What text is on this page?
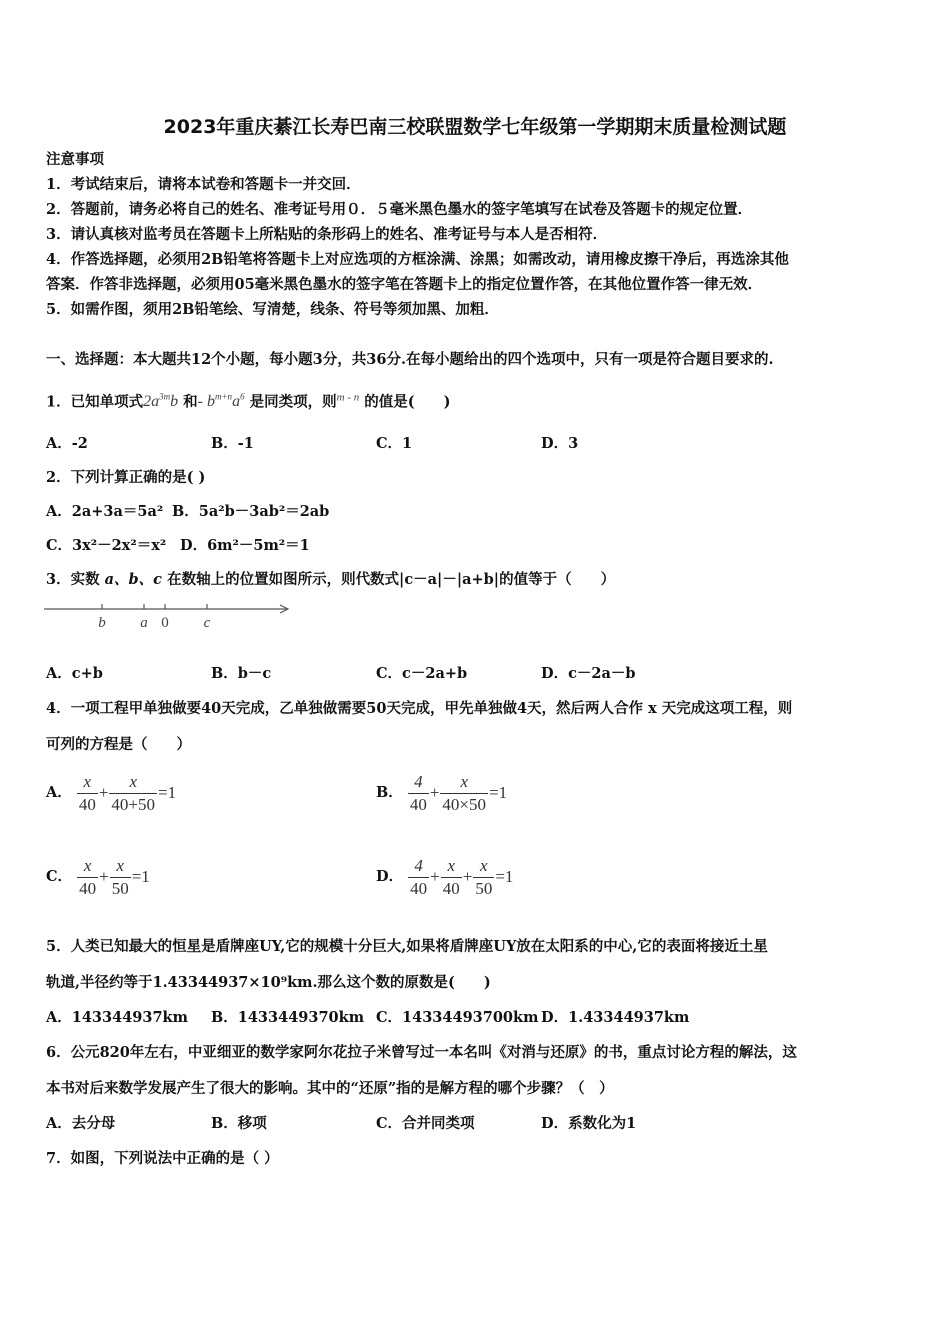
2023年重庆綦江长寿巴南三校联盟数学七年级第一学期期末质量检测试题
注意事项
1．考试结束后，请将本试卷和答题卡一并交回．
2．答题前，请务必将自己的姓名、准考证号用０．５毫米黑色墨水的签字笔填写在试卷及答题卡的规定位置．
3．请认真核对监考员在答题卡上所粘贴的条形码上的姓名、准考证号与本人是否相符．
4．作答选择题，必须用2B铅笔将答题卡上对应选项的方框涂满、涂黑；如需改动，请用橡皮擦干净后，再选涂其他
答案．作答非选择题，必须用05毫米黑色墨水的签字笔在答题卡上的指定位置作答，在其他位置作答一律无效．
5．如需作图，须用2B铅笔绘、写清楚，线条、符号等须加黑、加粗．
一、选择题：本大题共12个小题，每小题3分，共36分.在每小题给出的四个选项中，只有一项是符合题目要求的.
1．已知单项式$2a^{3m}b$ 和- $b^{m+n}a^6$ 是同类项，则$^{m - n}$ 的值是(　　)
A．-2	B．-1	C．1	D．3
2．下列计算正确的是( )
A．2a+3a＝5a² B．5a²b－3ab²＝2ab
C．3x²－2x²＝x² D．6m²－5m²＝1
3．实数 a、b、c 在数轴上的位置如图所示，则代数式|c－a|－|a+b|的值等于（　　）
b a 0 c
A．c+b	B．b－c	C．c－2a+b	D．c－2a－b
4．一项工程甲单独做要40天完成，乙单独做需要50天完成，甲先单独做4天，然后两人合作 x 天完成这项工程，则
可列的方程是（　　）
A． $\frac{x}{40} + \frac{x}{40+50} =1$	B． $\frac{4}{40} + \frac{x}{40\times 50} =1$
C． $\frac{x}{40} + \frac{x}{50} =1$	D． $\frac{4}{40} + \frac{x}{40} + \frac{x}{50} =1$
5．人类已知最大的恒星是盾牌座UY,它的规模十分巨大,如果将盾牌座UY放在太阳系的中心,它的表面将接近土星
轨道,半径约等于1.43344937×10⁹km.那么这个数的原数是(　　)
A．143344937km B．1433449370km C．14334493700km D．1.43344937km
6．公元820年左右，中亚细亚的数学家阿尔花拉子米曾写过一本名叫《对消与还原》的书，重点讨论方程的解法，这
本书对后来数学发展产生了很大的影响。其中的“还原”指的是解方程的哪个步骤？（　）
A．去分母	B．移项	C．合并同类项	D．系数化为1
7．如图，下列说法中正确的是（ ）
